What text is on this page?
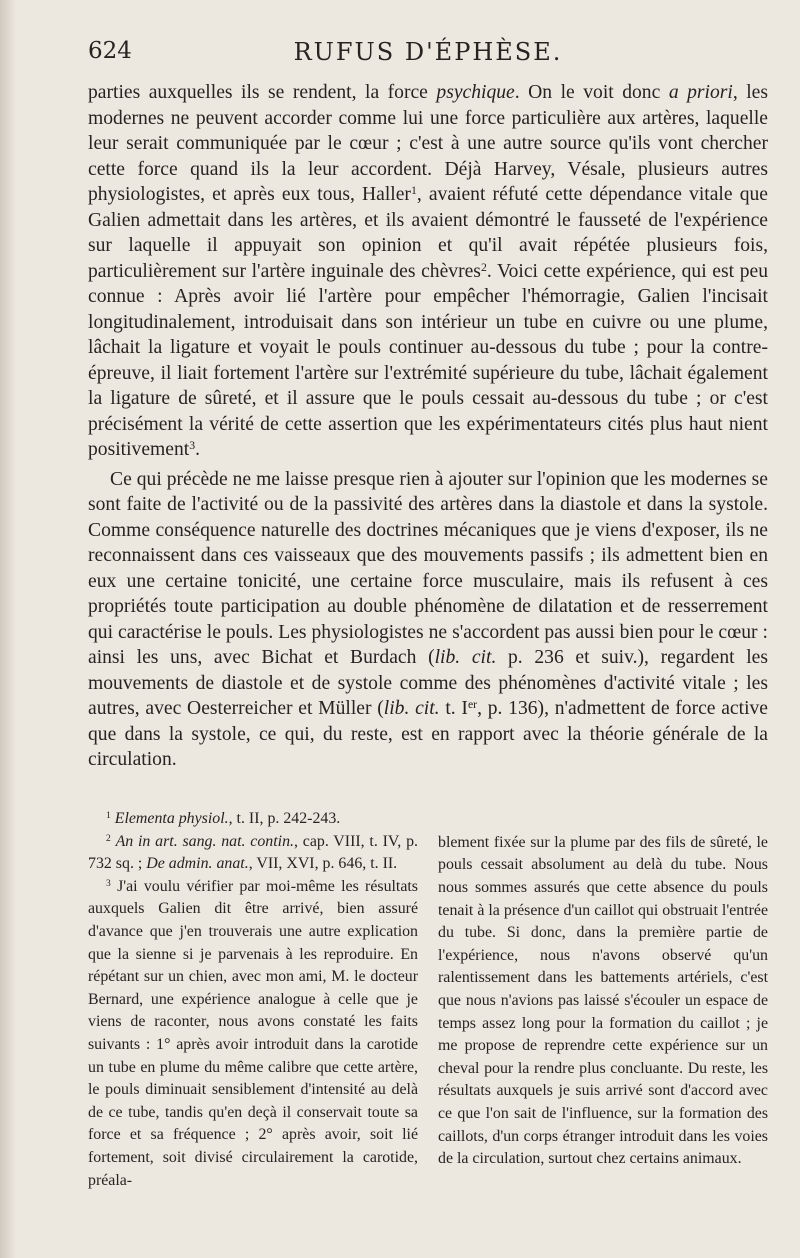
624	RUFUS D'ÉPHÈSE.

parties auxquelles ils se rendent, la force psychique. On le voit donc a priori, les modernes ne peuvent accorder comme lui une force particulière aux artères, laquelle leur serait communiquée par le cœur ; c'est à une autre source qu'ils vont chercher cette force quand ils la leur accordent. Déjà Harvey, Vésale, plusieurs autres physiologistes, et après eux tous, Haller$^1$, avaient réfuté cette dépendance vitale que Galien admettait dans les artères, et ils avaient démontré le fausseté de l'expérience sur laquelle il appuyait son opinion et qu'il avait répétée plusieurs fois, particulièrement sur l'artère inguinale des chèvres$^2$. Voici cette expérience, qui est peu connue : Après avoir lié l'artère pour empêcher l'hémorragie, Galien l'incisait longitudinalement, introduisait dans son intérieur un tube en cuivre ou une plume, lâchait la ligature et voyait le pouls continuer au-dessous du tube ; pour la contre-épreuve, il liait fortement l'artère sur l'extrémité supérieure du tube, lâchait également la ligature de sûreté, et il assure que le pouls cessait au-dessous du tube ; or c'est précisément la vérité de cette assertion que les expérimentateurs cités plus haut nient positivement$^3$.

Ce qui précède ne me laisse presque rien à ajouter sur l'opinion que les modernes se sont faite de l'activité ou de la passivité des artères dans la diastole et dans la systole. Comme conséquence naturelle des doctrines mécaniques que je viens d'exposer, ils ne reconnaissent dans ces vaisseaux que des mouvements passifs ; ils admettent bien en eux une certaine tonicité, une certaine force musculaire, mais ils refusent à ces propriétés toute participation au double phénomène de dilatation et de resserrement qui caractérise le pouls. Les physiologistes ne s'accordent pas aussi bien pour le cœur : ainsi les uns, avec Bichat et Burdach (lib. cit. p. 236 et suiv.), regardent les mouvements de diastole et de systole comme des phénomènes d'activité vitale ; les autres, avec Oesterreicher et Müller (lib. cit. t. Ier, p. 136), n'admettent de force active que dans la systole, ce qui, du reste, est en rapport avec la théorie générale de la circulation.

$^1$ Elementa physiol., t. II, p. 242-243.

$^2$ An in art. sang. nat. contin., cap. VIII, t. IV, p. 732 sq. ; De admin. anat., VII, XVI, p. 646, t. II.

$^3$ J'ai voulu vérifier par moi-même les résultats auxquels Galien dit être arrivé, bien assuré d'avance que j'en trouverais une autre explication que la sienne si je parvenais à les reproduire. En répétant sur un chien, avec mon ami, M. le docteur Bernard, une expérience analogue à celle que je viens de raconter, nous avons constaté les faits suivants : 1° après avoir introduit dans la carotide un tube en plume du même calibre que cette artère, le pouls diminuait sensiblement d'intensité au delà de ce tube, tandis qu'en deçà il conservait toute sa force et sa fréquence ; 2° après avoir, soit lié fortement, soit divisé circulairement la carotide, préala-

blement fixée sur la plume par des fils de sûreté, le pouls cessait absolument au delà du tube. Nous nous sommes assurés que cette absence du pouls tenait à la présence d'un caillot qui obstruait l'entrée du tube. Si donc, dans la première partie de l'expérience, nous n'avons observé qu'un ralentissement dans les battements artériels, c'est que nous n'avions pas laissé s'écouler un espace de temps assez long pour la formation du caillot ; je me propose de reprendre cette expérience sur un cheval pour la rendre plus concluante. Du reste, les résultats auxquels je suis arrivé sont d'accord avec ce que l'on sait de l'influence, sur la formation des caillots, d'un corps étranger introduit dans les voies de la circulation, surtout chez certains animaux.
